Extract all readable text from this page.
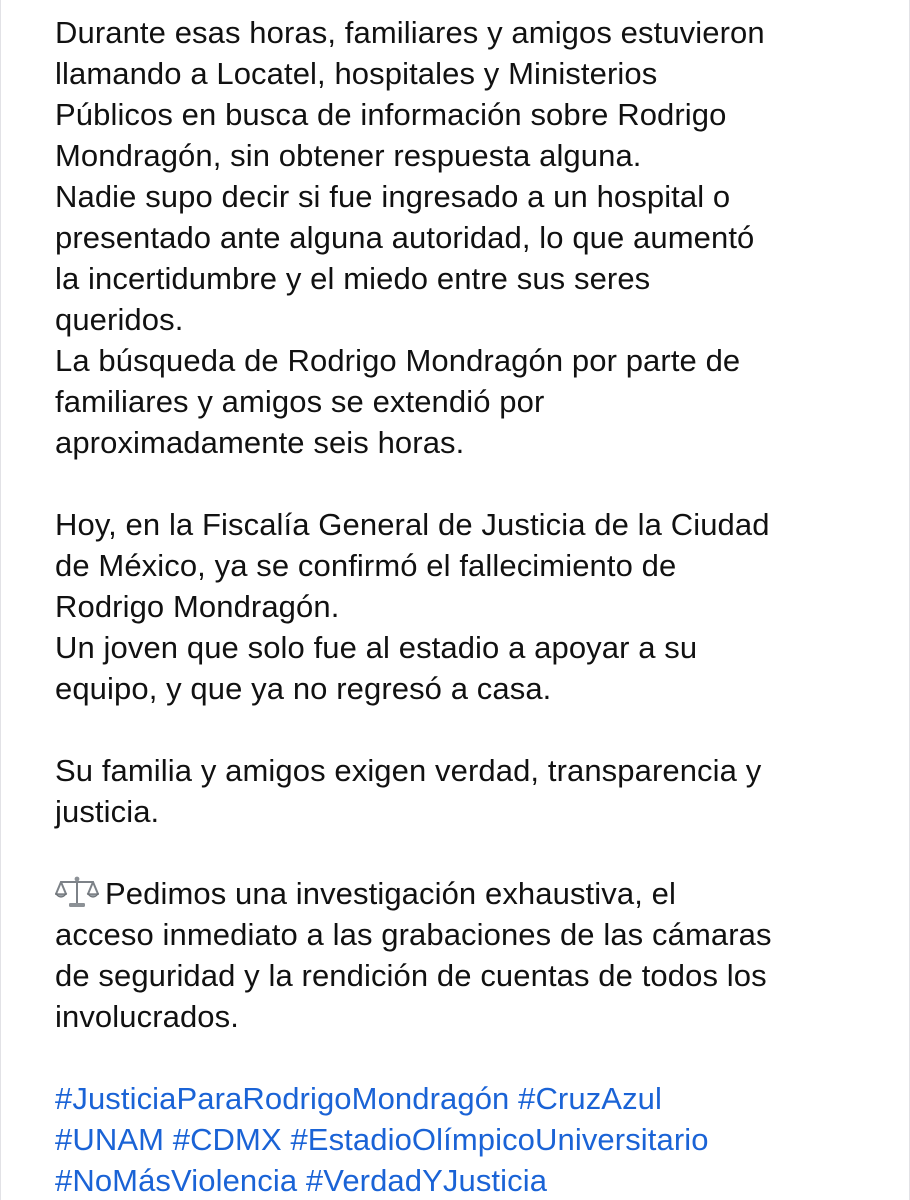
Durante esas horas, familiares y amigos estuvieron
llamando a Locatel, hospitales y Ministerios
Públicos en busca de información sobre Rodrigo
Mondragón, sin obtener respuesta alguna.
Nadie supo decir si fue ingresado a un hospital o
presentado ante alguna autoridad, lo que aumentó
la incertidumbre y el miedo entre sus seres
queridos.
La búsqueda de Rodrigo Mondragón por parte de
familiares y amigos se extendió por
aproximadamente seis horas.
Hoy, en la Fiscalía General de Justicia de la Ciudad
de México, ya se confirmó el fallecimiento de
Rodrigo Mondragón.
Un joven que solo fue al estadio a apoyar a su
equipo, y que ya no regresó a casa.
Su familia y amigos exigen verdad, transparencia y
justicia.
Pedimos una investigación exhaustiva, el
acceso inmediato a las grabaciones de las cámaras
de seguridad y la rendición de cuentas de todos los
involucrados.
#JusticiaParaRodrigoMondragón #CruzAzul
#UNAM #CDMX #EstadioOlímpicoUniversitario
#NoMásViolencia #VerdadYJusticia
